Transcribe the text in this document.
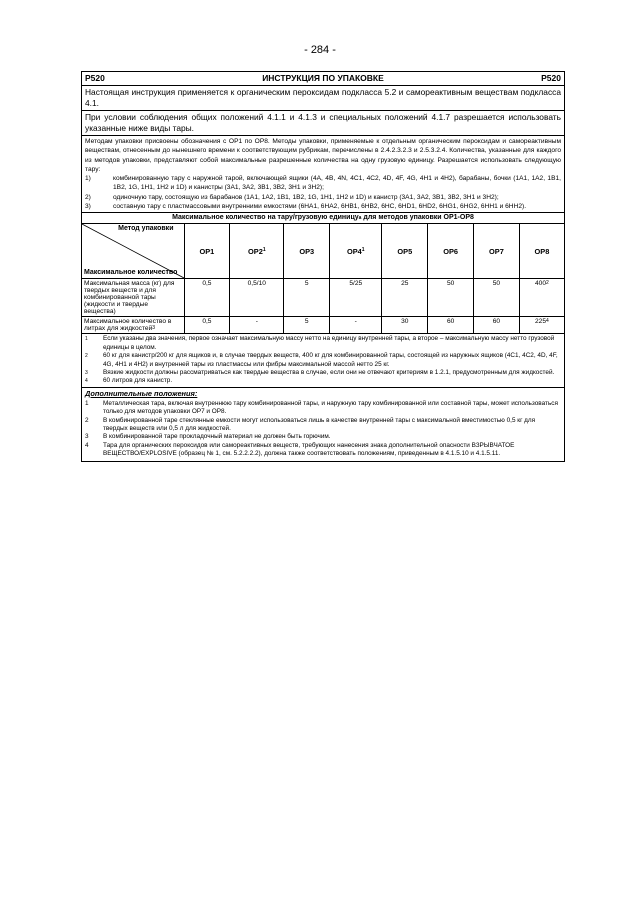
- 284 -
P520	ИНСТРУКЦИЯ ПО УПАКОВКЕ	P520
Настоящая инструкция применяется к органическим пероксидам подкласса 5.2 и самореактивным веществам подкласса 4.1.
При условии соблюдения общих положений 4.1.1 и 4.1.3 и специальных положений 4.1.7 разрешается использовать указанные ниже виды тары.
Методам упаковки присвоены обозначения с OP1 по OP8. Методы упаковки, применяемые к отдельным органическим пероксидам и самореактивным веществам, отнесенным до нынешнего времени к соответствующим рубрикам, перечислены в 2.4.2.3.2.3 и 2.5.3.2.4. Количества, указанные для каждого из методов упаковки, представляют собой максимальные разрешенные количества на одну грузовую единицу. Разрешается использовать следующую тару:
1)	комбинированную тару с наружной тарой, включающей ящики (4A, 4B, 4N, 4C1, 4C2, 4D, 4F, 4G, 4H1 и 4H2), барабаны, бочки (1A1, 1A2, 1B1, 1B2, 1G, 1H1, 1H2 и 1D) и канистры (3A1, 3A2, 3B1, 3B2, 3H1 и 3H2);
2)	одиночную тару, состоящую из барабанов (1A1, 1A2, 1B1, 1B2, 1G, 1H1, 1H2 и 1D) и канистр (3A1, 3A2, 3B1, 3B2, 3H1 и 3H2);
3)	составную тару с пластмассовыми внутренними емкостями (6HA1, 6HA2, 6HB1, 6HB2, 6HC, 6HD1, 6HD2, 6HG1, 6HG2, 6HH1 и 6HH2).
Максимальное количество на тару/грузовую единицу$^a$ для методов упаковки OP1-OP8
Метод упаковки
Максимальное количество	OP1	$OP2^1$	OP3	$OP4^1$	OP5	OP6	OP7	OP8
Максимальная масса (кг) для твердых веществ и для комбинированной тары (жидкости и твердые вещества)	0,5	0,5/10	5	5/25	25	50	50	$400^2$
Максимальное количество в литрах для жидкостей$^3$	0,5	-	5	-	30	60	60	$225^4$
1	Если указаны два значения, первое означает максимальную массу нетто на единицу внутренней тары, а второе – максимальную массу нетто грузовой единицы в целом.
2	60 кг для канистр/200 кг для ящиков и, в случае твердых веществ, 400 кг для комбинированной тары, состоящей из наружных ящиков (4C1, 4C2, 4D, 4F, 4G, 4H1 и 4H2) и внутренней тары из пластмассы или фибры максимальной массой нетто 25 кг.
3	Вязкие жидкости должны рассматриваться как твердые вещества в случае, если они не отвечают критериям в 1.2.1, предусмотренным для жидкостей.
4	60 литров для канистр.
Дополнительные положения:
1	Металлическая тара, включая внутреннюю тару комбинированной тары, и наружную тару комбинированной или составной тары, может использоваться только для методов упаковки OP7 и OP8.
2	В комбинированной таре стеклянные емкости могут использоваться лишь в качестве внутренней тары с максимальной вместимостью 0,5 кг для твердых веществ или 0,5 л для жидкостей.
3	В комбинированной таре прокладочный материал не должен быть горючим.
4	Тара для органических пероксидов или самореактивных веществ, требующих нанесения знака дополнительной опасности ВЗРЫВЧАТОЕ ВЕЩЕСТВО/EXPLOSIVE (образец № 1, см. 5.2.2.2.2), должна также соответствовать положениям, приведенным в 4.1.5.10 и 4.1.5.11.
